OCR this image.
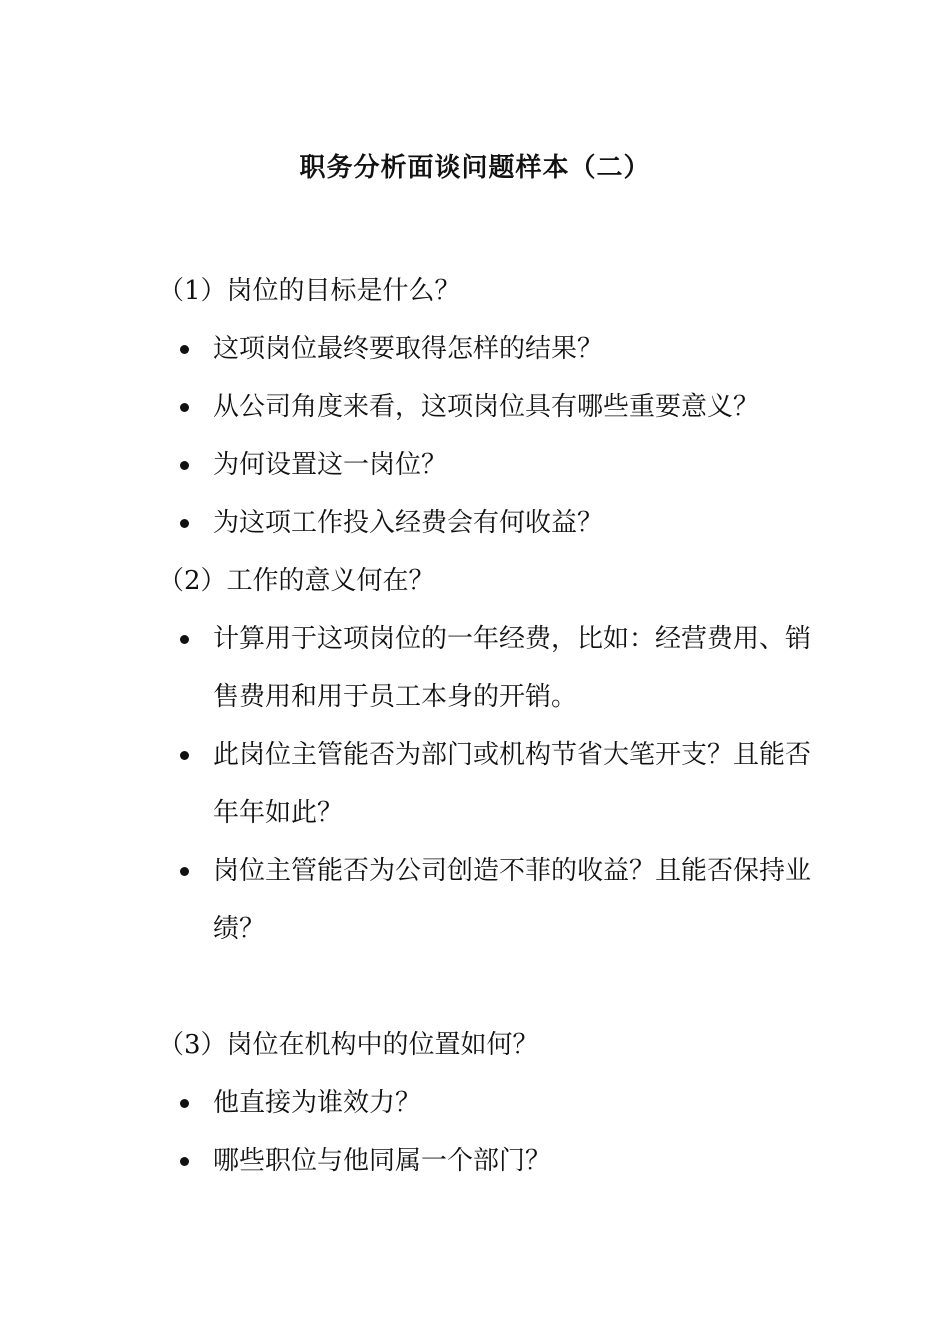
职务分析面谈问题样本（二）
（1）岗位的目标是什么？
这项岗位最终要取得怎样的结果？
从公司角度来看，这项岗位具有哪些重要意义？
为何设置这一岗位？
为这项工作投入经费会有何收益？
（2）工作的意义何在？
计算用于这项岗位的一年经费，比如：经营费用、销售费用和用于员工本身的开销。
此岗位主管能否为部门或机构节省大笔开支？且能否年年如此？
岗位主管能否为公司创造不菲的收益？且能否保持业绩？
（3）岗位在机构中的位置如何？
他直接为谁效力？
哪些职位与他同属一个部门？
